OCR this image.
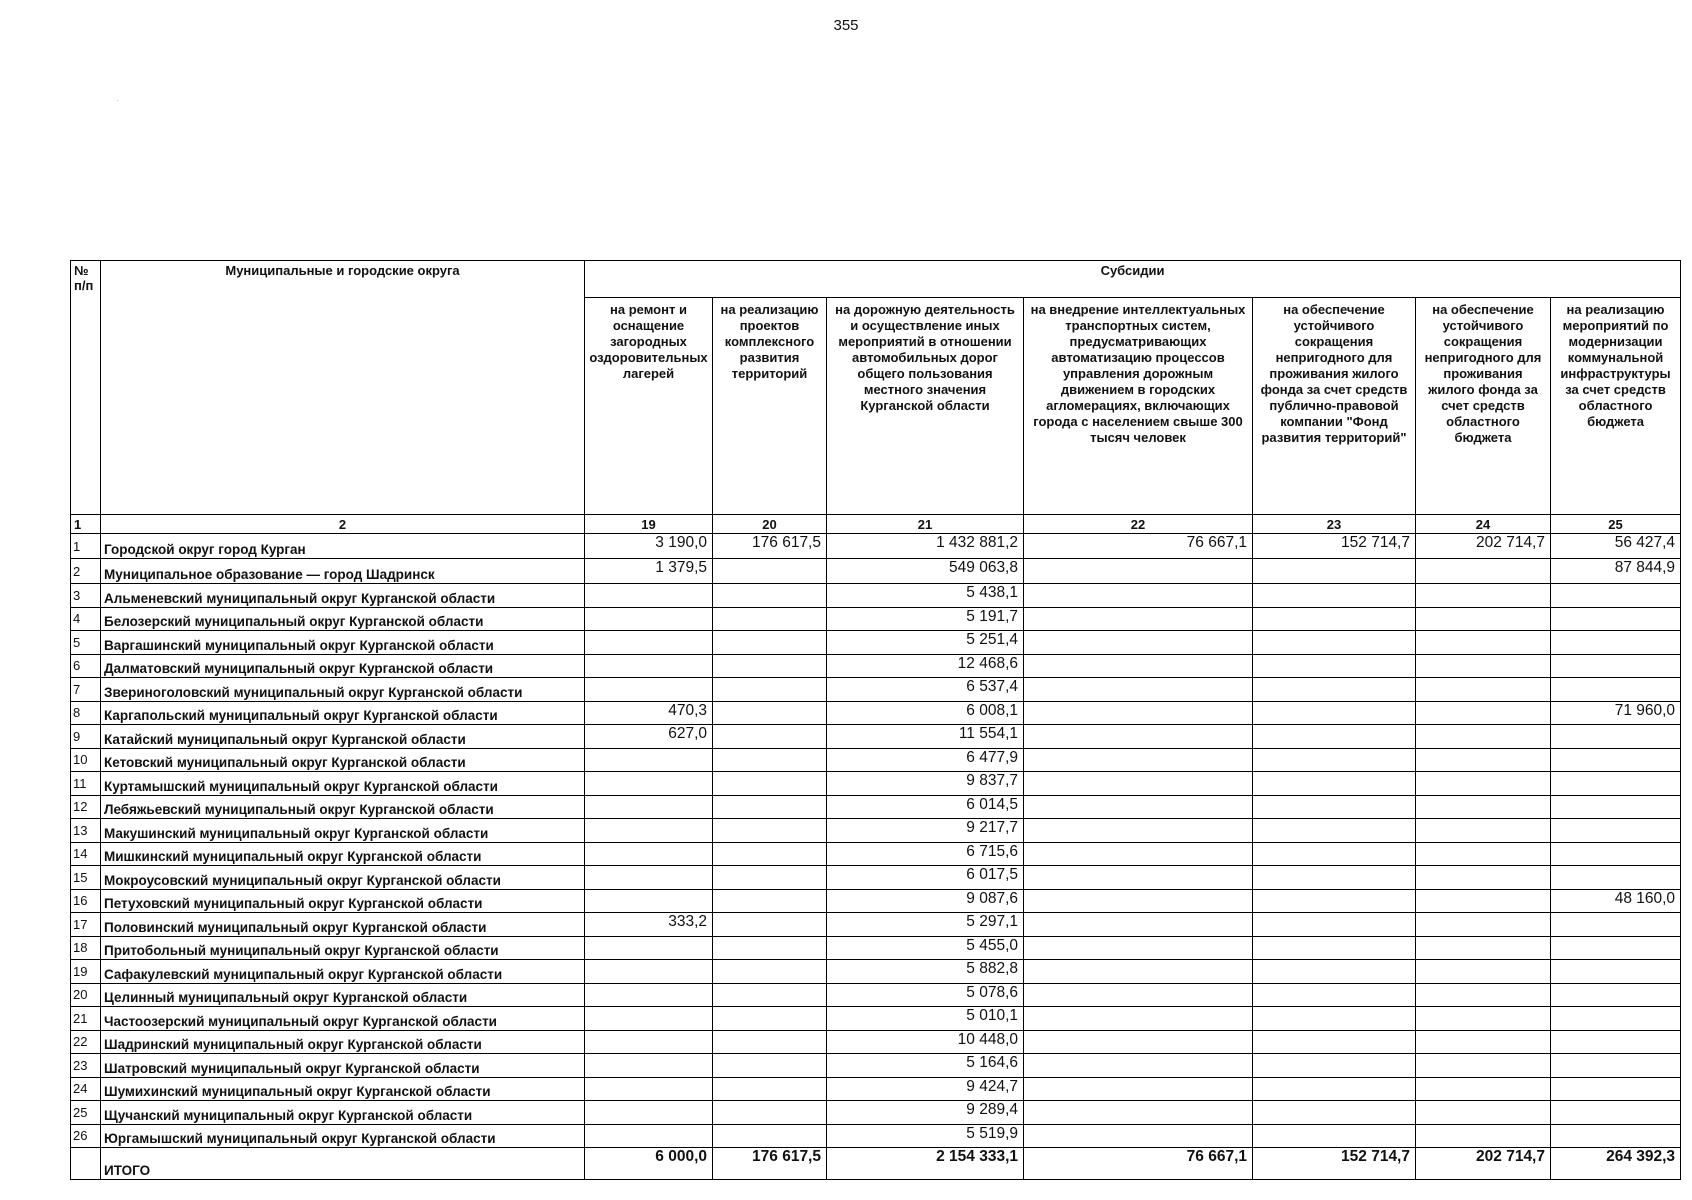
355
№ п/п	Муниципальные и городские округа	Субсидии						
		на ремонт и оснащение загородных оздоровительных лагерей	на реализацию проектов комплексного развития территорий	на дорожную деятельность и осуществление иных мероприятий в отношении автомобильных дорог общего пользования местного значения Курганской области	на внедрение интеллектуальных транспортных систем, предусматривающих автоматизацию процессов управления дорожным движением в городских агломерациях, включающих города с населением свыше 300 тысяч человек	на обеспечение устойчивого сокращения непригодного для проживания жилого фонда за счет средств публично-правовой компании "Фонд развития территорий"	на обеспечение устойчивого сокращения непригодного для проживания жилого фонда за счет средств областного бюджета	на реализацию мероприятий по модернизации коммунальной инфраструктуры за счет средств областного бюджета
1	2	19	20	21	22	23	24	25
1	Городской округ город Курган	3 190,0	176 617,5	1 432 881,2	76 667,1	152 714,7	202 714,7	56 427,4
2	Муниципальное образование — город Шадринск	1 379,5		549 063,8				87 844,9
3	Альменевский муниципальный округ Курганской области			5 438,1				
4	Белозерский муниципальный округ Курганской области			5 191,7				
5	Варгашинский муниципальный округ Курганской области			5 251,4				
6	Далматовский муниципальный округ Курганской области			12 468,6				
7	Звериноголовский муниципальный округ Курганской области			6 537,4				
8	Каргапольский муниципальный округ Курганской области	470,3		6 008,1				71 960,0
9	Катайский муниципальный округ Курганской области	627,0		11 554,1				
10	Кетовский муниципальный округ Курганской области			6 477,9				
11	Куртамышский муниципальный округ Курганской области			9 837,7				
12	Лебяжьевский муниципальный округ Курганской области			6 014,5				
13	Макушинский муниципальный округ Курганской области			9 217,7				
14	Мишкинский муниципальный округ Курганской области			6 715,6				
15	Мокроусовский муниципальный округ Курганской области			6 017,5				
16	Петуховский муниципальный округ Курганской области			9 087,6				48 160,0
17	Половинский муниципальный округ Курганской области	333,2		5 297,1				
18	Притобольный муниципальный округ Курганской области			5 455,0				
19	Сафакулевский муниципальный округ Курганской области			5 882,8				
20	Целинный муниципальный округ Курганской области			5 078,6				
21	Частоозерский муниципальный округ Курганской области			5 010,1				
22	Шадринский муниципальный округ Курганской области			10 448,0				
23	Шатровский муниципальный округ Курганской области			5 164,6				
24	Шумихинский муниципальный округ Курганской области			9 424,7				
25	Щучанский муниципальный округ Курганской области			9 289,4				
26	Юргамышский муниципальный округ Курганской области			5 519,9				
	ИТОГО	6 000,0	176 617,5	2 154 333,1	76 667,1	152 714,7	202 714,7	264 392,3
